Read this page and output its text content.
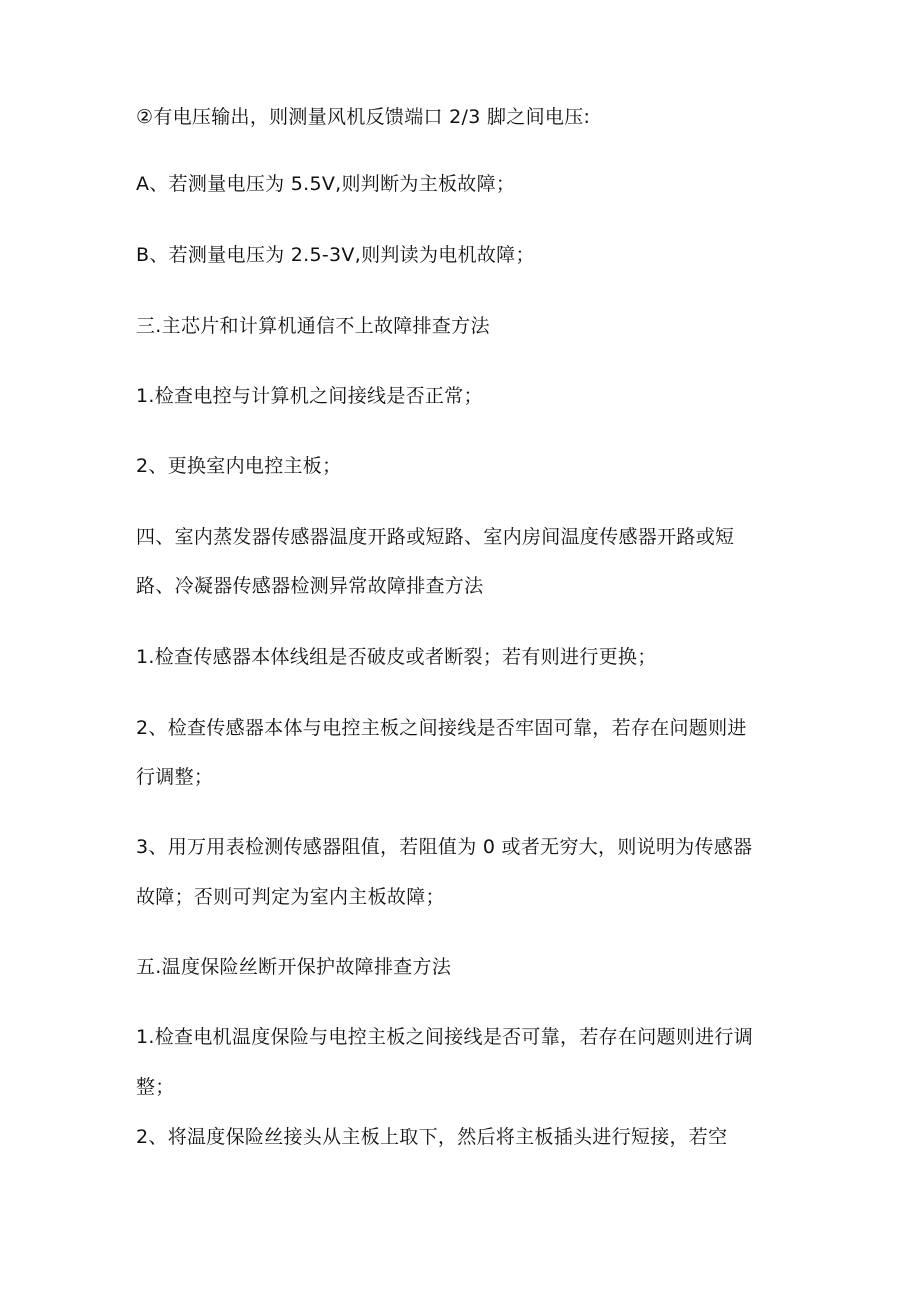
②有电压输出，则测量风机反馈端口 2/3 脚之间电压:
A、若测量电压为 5.5V,则判断为主板故障；
B、若测量电压为 2.5-3V,则判读为电机故障；
三.主芯片和计算机通信不上故障排查方法
1.检查电控与计算机之间接线是否正常；
2、更换室内电控主板；
四、室内蒸发器传感器温度开路或短路、室内房间温度传感器开路或短
路、冷凝器传感器检测异常故障排查方法
1.检查传感器本体线组是否破皮或者断裂；若有则进行更换；
2、检查传感器本体与电控主板之间接线是否牢固可靠，若存在问题则进
行调整；
3、用万用表检测传感器阻值，若阻值为 0 或者无穷大，则说明为传感器
故障；否则可判定为室内主板故障；
五.温度保险丝断开保护故障排查方法
1.检查电机温度保险与电控主板之间接线是否可靠，若存在问题则进行调
整；
2、将温度保险丝接头从主板上取下，然后将主板插头进行短接，若空
